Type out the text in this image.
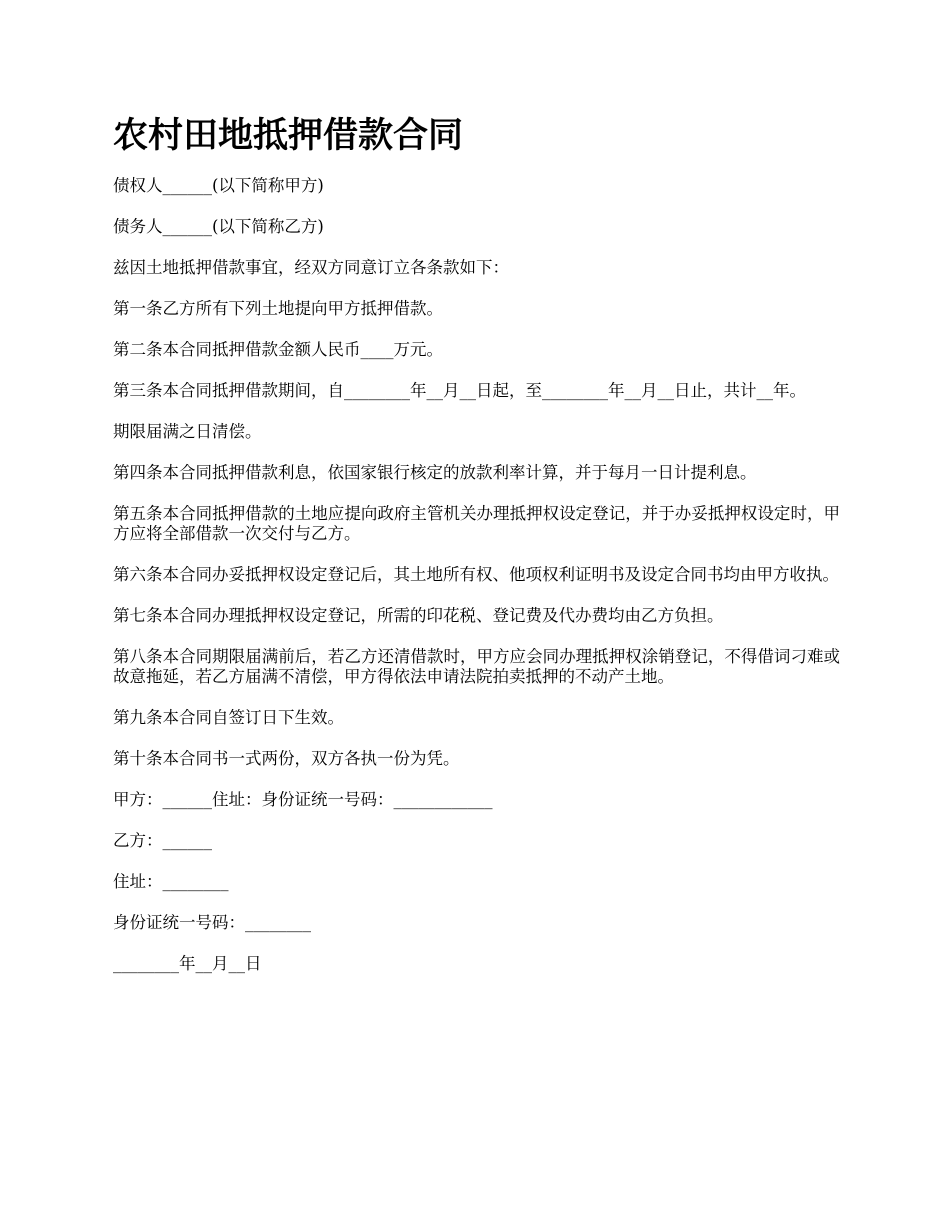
农村田地抵押借款合同

债权人______(以下简称甲方)

债务人______(以下简称乙方)

兹因土地抵押借款事宜，经双方同意订立各条款如下：

第一条乙方所有下列土地提向甲方抵押借款。

第二条本合同抵押借款金额人民币____万元。

第三条本合同抵押借款期间，自________年__月__日起，至________年__月__日止，共计__年。

期限届满之日清偿。

第四条本合同抵押借款利息，依国家银行核定的放款利率计算，并于每月一日计提利息。

第五条本合同抵押借款的土地应提向政府主管机关办理抵押权设定登记，并于办妥抵押权设定时，甲方应将全部借款一次交付与乙方。

第六条本合同办妥抵押权设定登记后，其土地所有权、他项权利证明书及设定合同书均由甲方收执。

第七条本合同办理抵押权设定登记，所需的印花税、登记费及代办费均由乙方负担。

第八条本合同期限届满前后，若乙方还清借款时，甲方应会同办理抵押权涂销登记，不得借词刁难或故意拖延，若乙方届满不清偿，甲方得依法申请法院拍卖抵押的不动产土地。

第九条本合同自签订日下生效。

第十条本合同书一式两份，双方各执一份为凭。

甲方：______住址：身份证统一号码：____________

乙方：______

住址：________

身份证统一号码：________

________年__月__日
